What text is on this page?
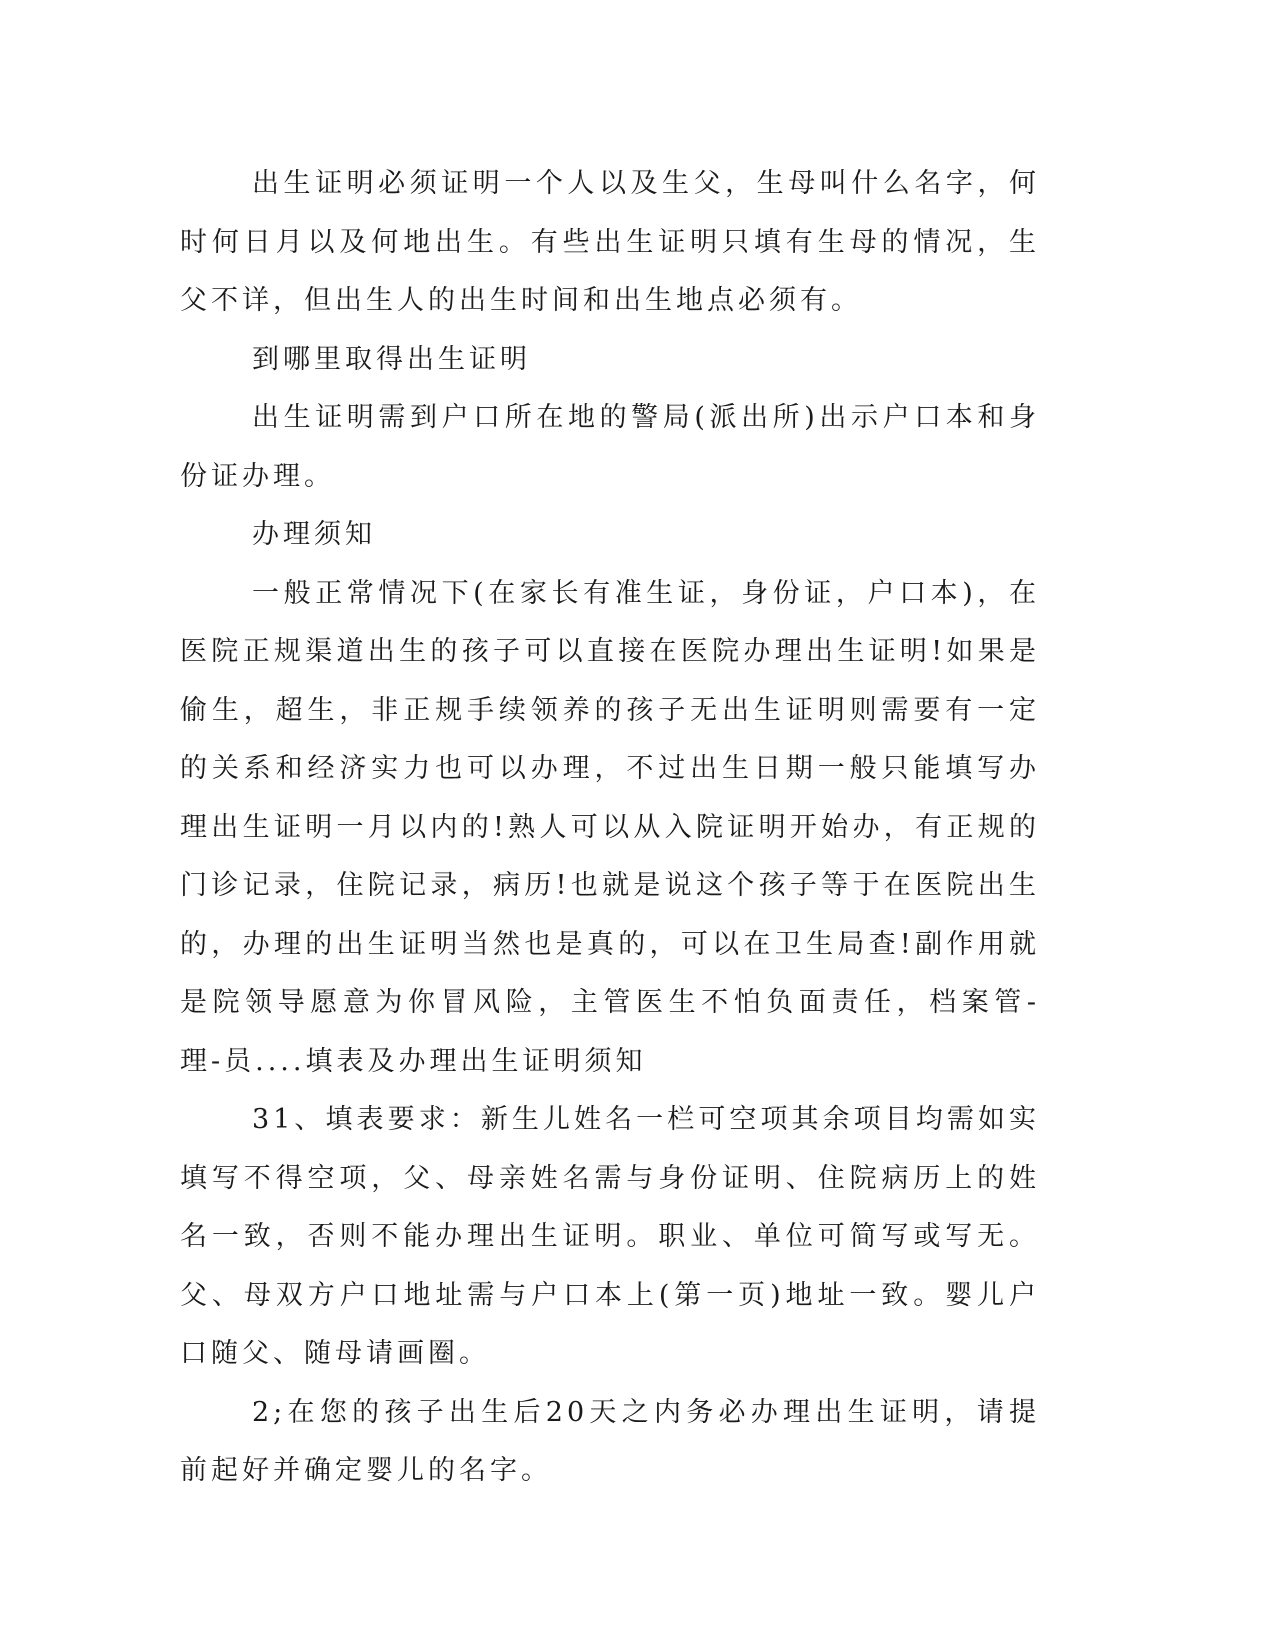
出生证明必须证明一个人以及生父，生母叫什么名字，何时何日月以及何地出生。有些出生证明只填有生母的情况，生父不详，但出生人的出生时间和出生地点必须有。

到哪里取得出生证明

出生证明需到户口所在地的警局(派出所)出示户口本和身份证办理。

办理须知

一般正常情况下(在家长有准生证，身份证，户口本)，在医院正规渠道出生的孩子可以直接在医院办理出生证明!如果是偷生，超生，非正规手续领养的孩子无出生证明则需要有一定的关系和经济实力也可以办理，不过出生日期一般只能填写办理出生证明一月以内的!熟人可以从入院证明开始办，有正规的门诊记录，住院记录，病历!也就是说这个孩子等于在医院出生的，办理的出生证明当然也是真的，可以在卫生局查!副作用就是院领导愿意为你冒风险，主管医生不怕负面责任，档案管-理-员....填表及办理出生证明须知

31、填表要求：新生儿姓名一栏可空项其余项目均需如实填写不得空项，父、母亲姓名需与身份证明、住院病历上的姓名一致，否则不能办理出生证明。职业、单位可简写或写无。父、母双方户口地址需与户口本上(第一页)地址一致。婴儿户口随父、随母请画圈。

2;在您的孩子出生后20天之内务必办理出生证明，请提前起好并确定婴儿的名字。
